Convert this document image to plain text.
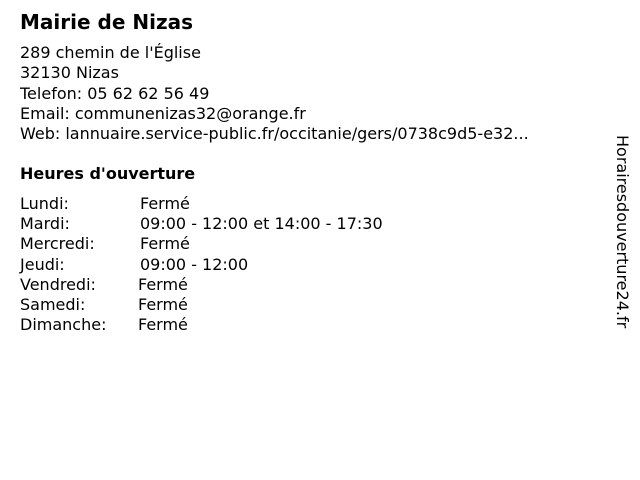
Mairie de Nizas
289 chemin de l'Église
32130 Nizas
Telefon: 05 62 62 56 49
Email: communenizas32@orange.fr
Web: lannuaire.service-public.fr/occitanie/gers/0738c9d5-e32...
Heures d'ouverture
Lundi:	Fermé
Mardi:	09:00 - 12:00 et 14:00 - 17:30
Mercredi:	Fermé
Jeudi:	09:00 - 12:00
Vendredi:	Fermé
Samedi:	Fermé
Dimanche: Fermé	Horairesdouverture24.fr
